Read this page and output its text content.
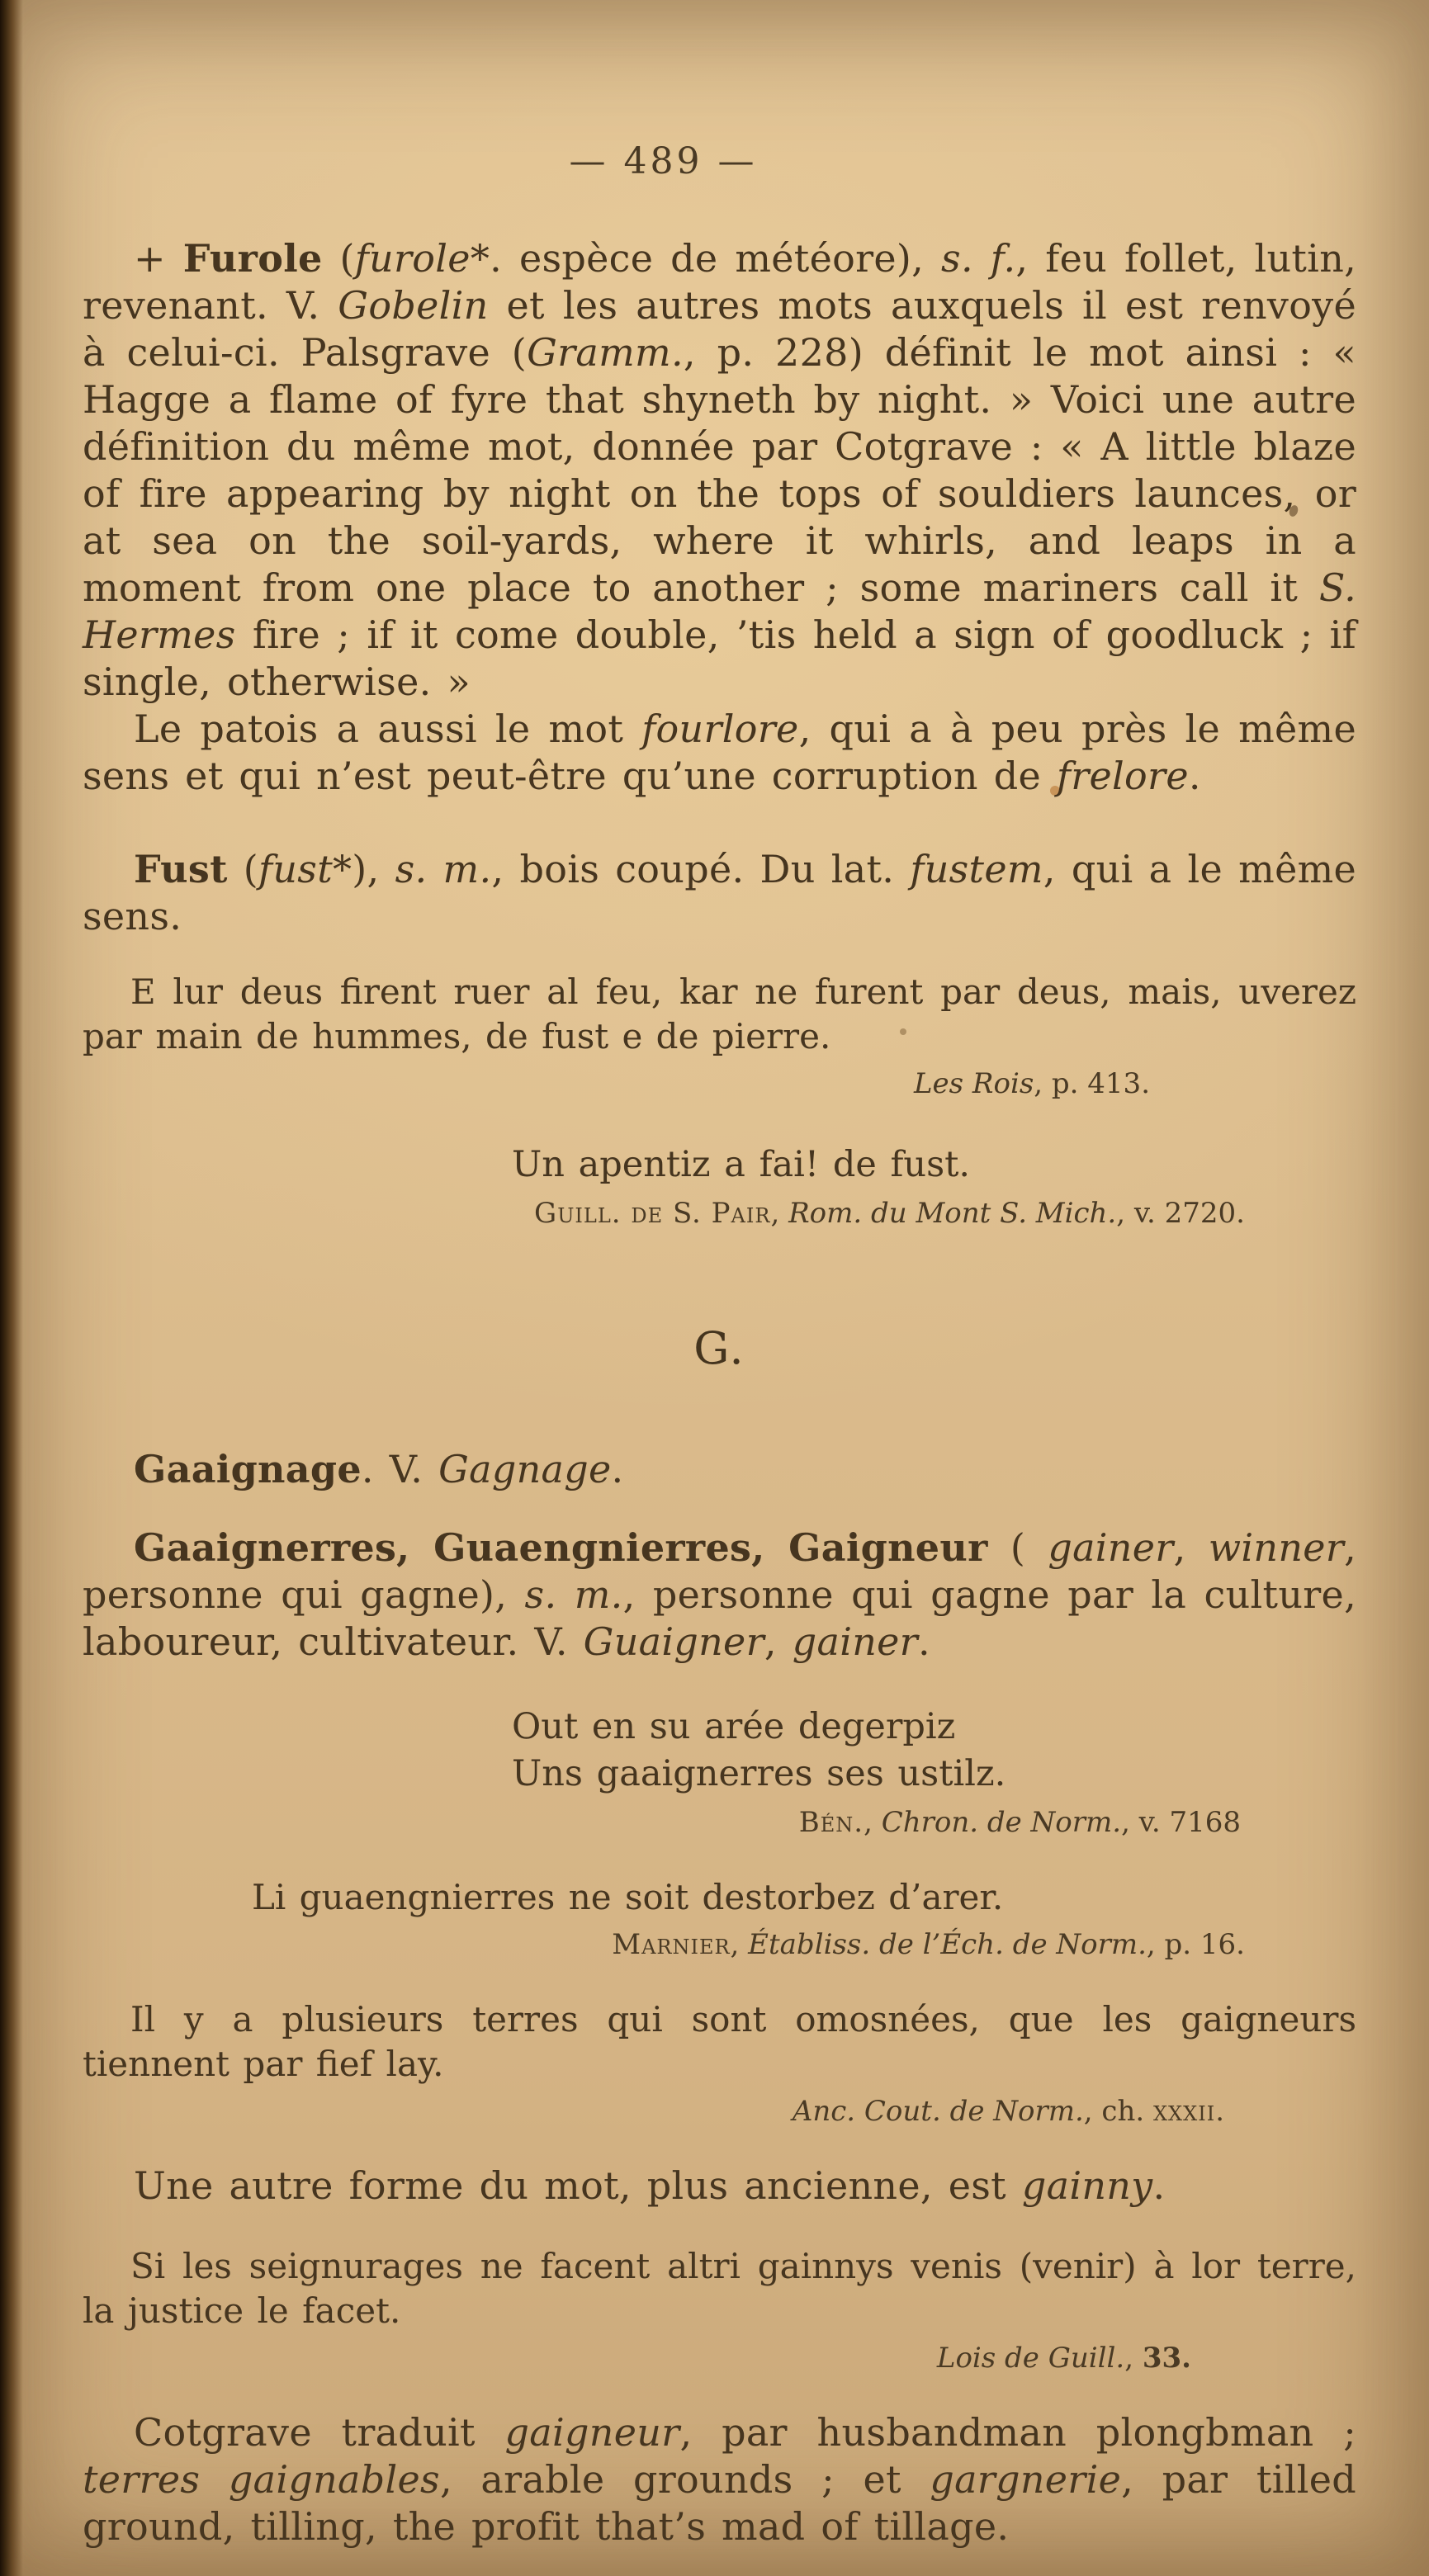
— 489 —

+ Furole (furole*. espèce de météore), s. f., feu follet, lutin, revenant. V. Gobelin et les autres mots auxquels il est renvoyé à celui-ci. Palsgrave (Gramm., p. 228) définit le mot ainsi : « Hagge a flame of fyre that shyneth by night. » Voici une autre définition du même mot, donnée par Cotgrave : « A little blaze of fire appearing by night on the tops of souldiers launces, or at sea on the soil-yards, where it whirls, and leaps in a moment from one place to another ; some mariners call it S. Hermes fire ; if it come double, ’tis held a sign of goodluck ; if single, otherwise. »

Le patois a aussi le mot fourlore, qui a à peu près le même sens et qui n’est peut-être qu’une corruption de frelore.

Fust (fust*), s. m., bois coupé. Du lat. fustem, qui a le même sens.

E lur deus firent ruer al feu, kar ne furent par deus, mais, uverez par main de hummes, de fust e de pierre.

Les Rois, p. 413.

Un apentiz a fai! de fust.

Guill. de S. Pair, Rom. du Mont S. Mich., v. 2720.

G.

Gaaignage. V. Gagnage.

Gaaignerres, Guaengnierres, Gaigneur ( gainer, winner, personne qui gagne), s. m., personne qui gagne par la culture, laboureur, cultivateur. V. Guaigner, gainer.

Out en su arée degerpiz

Uns gaaignerres ses ustilz.

Bén., Chron. de Norm., v. 7168

Li guaengnierres ne soit destorbez d’arer.

Marnier, Établiss. de l’Éch. de Norm., p. 16.

Il y a plusieurs terres qui sont omosnées, que les gaigneurs tiennent par fief lay.

Anc. Cout. de Norm., ch. xxxii.

Une autre forme du mot, plus ancienne, est gainny.

Si les seignurages ne facent altri gainnys venis (venir) à lor terre, la justice le facet.

Lois de Guill., 33.

Cotgrave traduit gaigneur, par husbandman plongbman ; terres gaignables, arable grounds ; et gargnerie, par tilled ground, tilling, the profit that’s mad of tillage.
